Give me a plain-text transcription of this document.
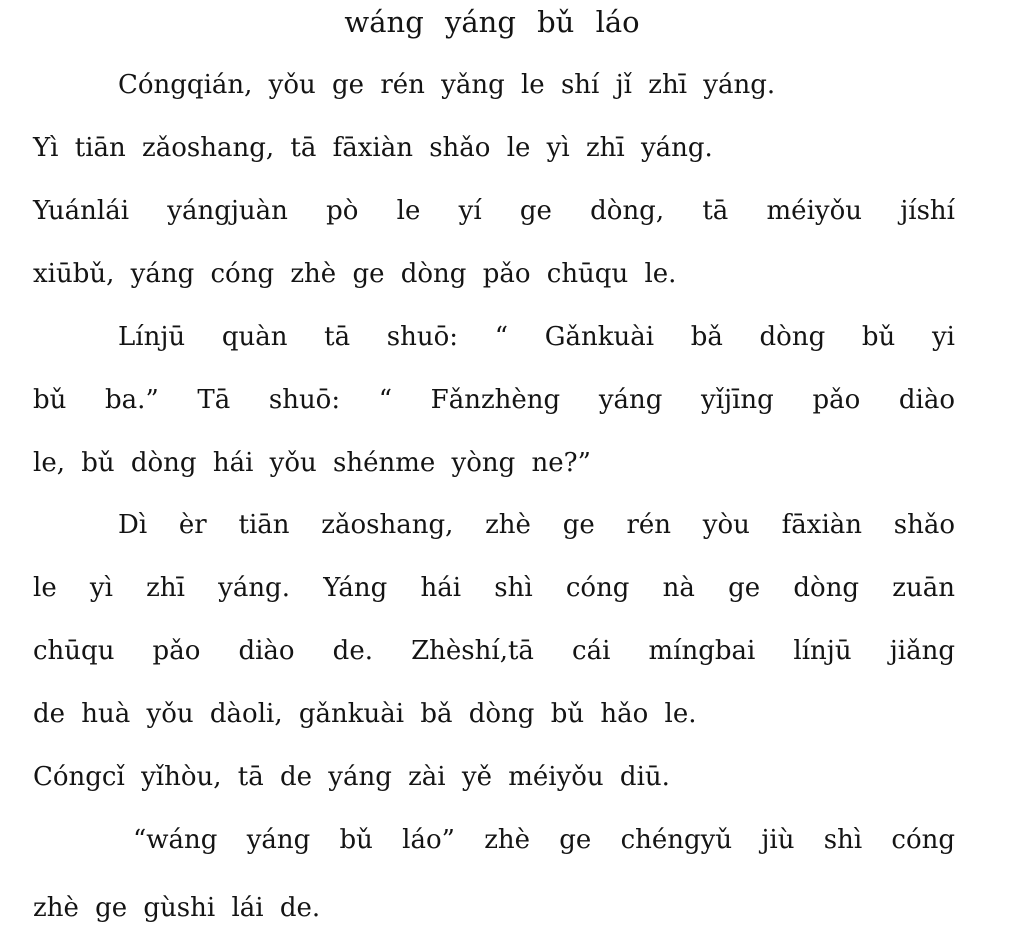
wáng yáng bǔ láo
Cóngqián, yǒu ge rén yǎng le shí jǐ zhī yáng.
Yì tiān zǎoshang, tā fāxiàn shǎo le yì zhī yáng.
Yuánlái yángjuàn pò le yí ge dòng, tā méiyǒu jíshí
xiūbǔ, yáng cóng zhè ge dòng pǎo chūqu le.
Línjū quàn tā shuō: “ Gǎnkuài bǎ dòng bǔ yi
bǔ ba.” Tā shuō: “ Fǎnzhèng yáng yǐjīng pǎo diào
le, bǔ dòng hái yǒu shénme yòng ne?”
Dì èr tiān zǎoshang, zhè ge rén yòu fāxiàn shǎo
le yì zhī yáng. Yáng hái shì cóng nà ge dòng zuān
chūqu pǎo diào de. Zhèshí,tā cái míngbai línjū jiǎng
de huà yǒu dàoli, gǎnkuài bǎ dòng bǔ hǎo le.
Cóngcǐ yǐhòu, tā de yáng zài yě méiyǒu diū.
“wáng yáng bǔ láo” zhè ge chéngyǔ jiù shì cóng
zhè ge gùshi lái de.
